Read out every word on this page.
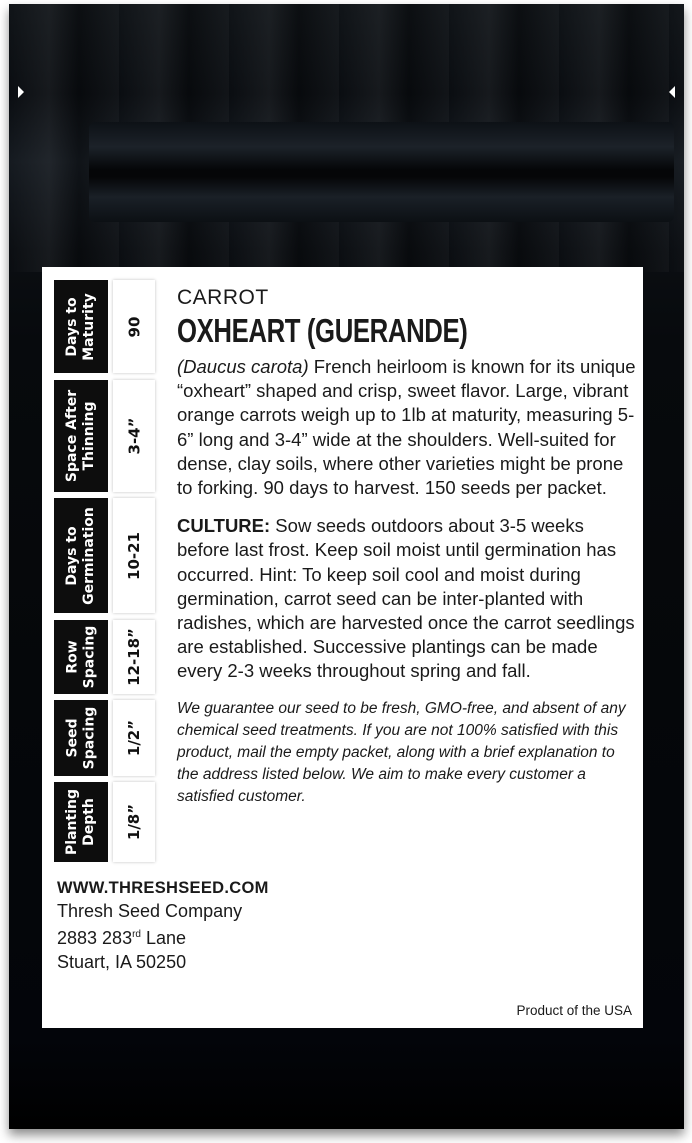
Days to Maturity 90
Space After Thinning 3-4”
Days to Germination 10-21
Row Spacing 12-18”
Seed Spacing 1/2”
Planting Depth 1/8”

CARROT

OXHEART (GUERANDE)

(Daucus carota) French heirloom is known for its unique “oxheart” shaped and crisp, sweet flavor. Large, vibrant orange carrots weigh up to 1lb at maturity, measuring 5-6” long and 3-4” wide at the shoulders. Well-suited for dense, clay soils, where other varieties might be prone to forking. 90 days to harvest. 150 seeds per packet.

CULTURE: Sow seeds outdoors about 3-5 weeks before last frost. Keep soil moist until germination has occurred. Hint: To keep soil cool and moist during germination, carrot seed can be inter-planted with radishes, which are harvested once the carrot seedlings are established. Successive plantings can be made every 2-3 weeks throughout spring and fall.

We guarantee our seed to be fresh, GMO-free, and absent of any chemical seed treatments. If you are not 100% satisfied with this product, mail the empty packet, along with a brief explanation to the address listed below. We aim to make every customer a satisfied customer.

WWW.THRESHSEED.COM
Thresh Seed Company
2883 283rd Lane
Stuart, IA 50250
Product of the USA
